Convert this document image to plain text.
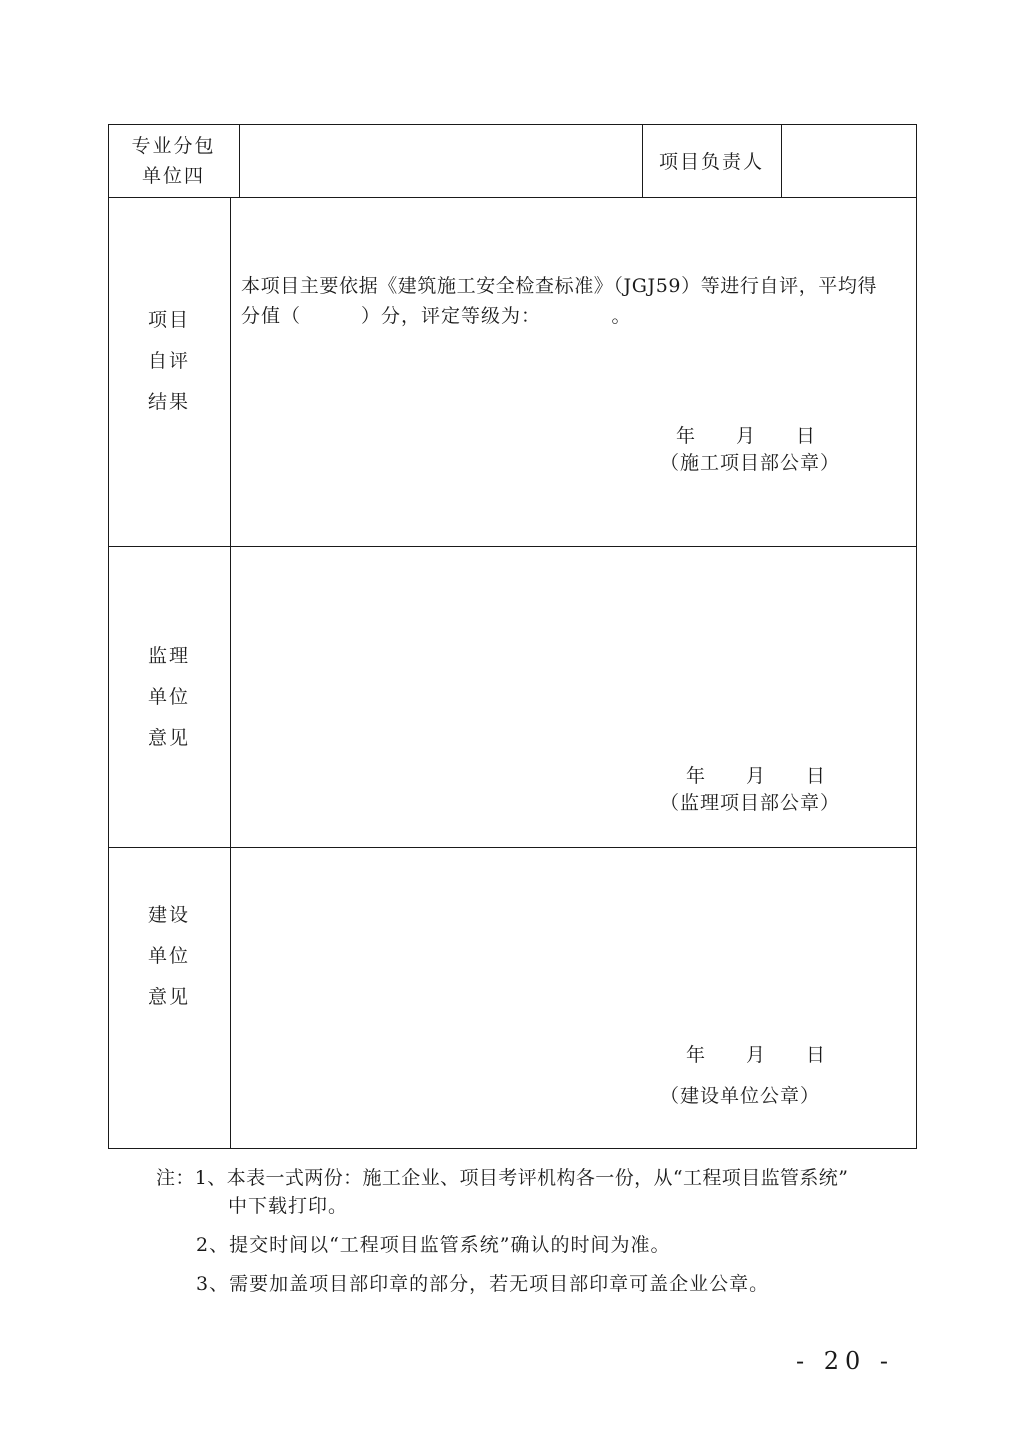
专业分包
单位四
项目负责人
项目
自评
结果
本项目主要依据《建筑施工安全检查标准》（JGJ59）等进行自评，平均得
分值（　　　）分，评定等级为：　　　　。
年　　月　　日
（施工项目部公章）
监理
单位
意见
年　　月　　日
（监理项目部公章）
建设
单位
意见
年　　月　　日
（建设单位公章）
注：1、本表一式两份：施工企业、项目考评机构各一份，从“工程项目监管系统”
中下载打印。
2、提交时间以“工程项目监管系统”确认的时间为准。
3、需要加盖项目部印章的部分，若无项目部印章可盖企业公章。
- 20 -
